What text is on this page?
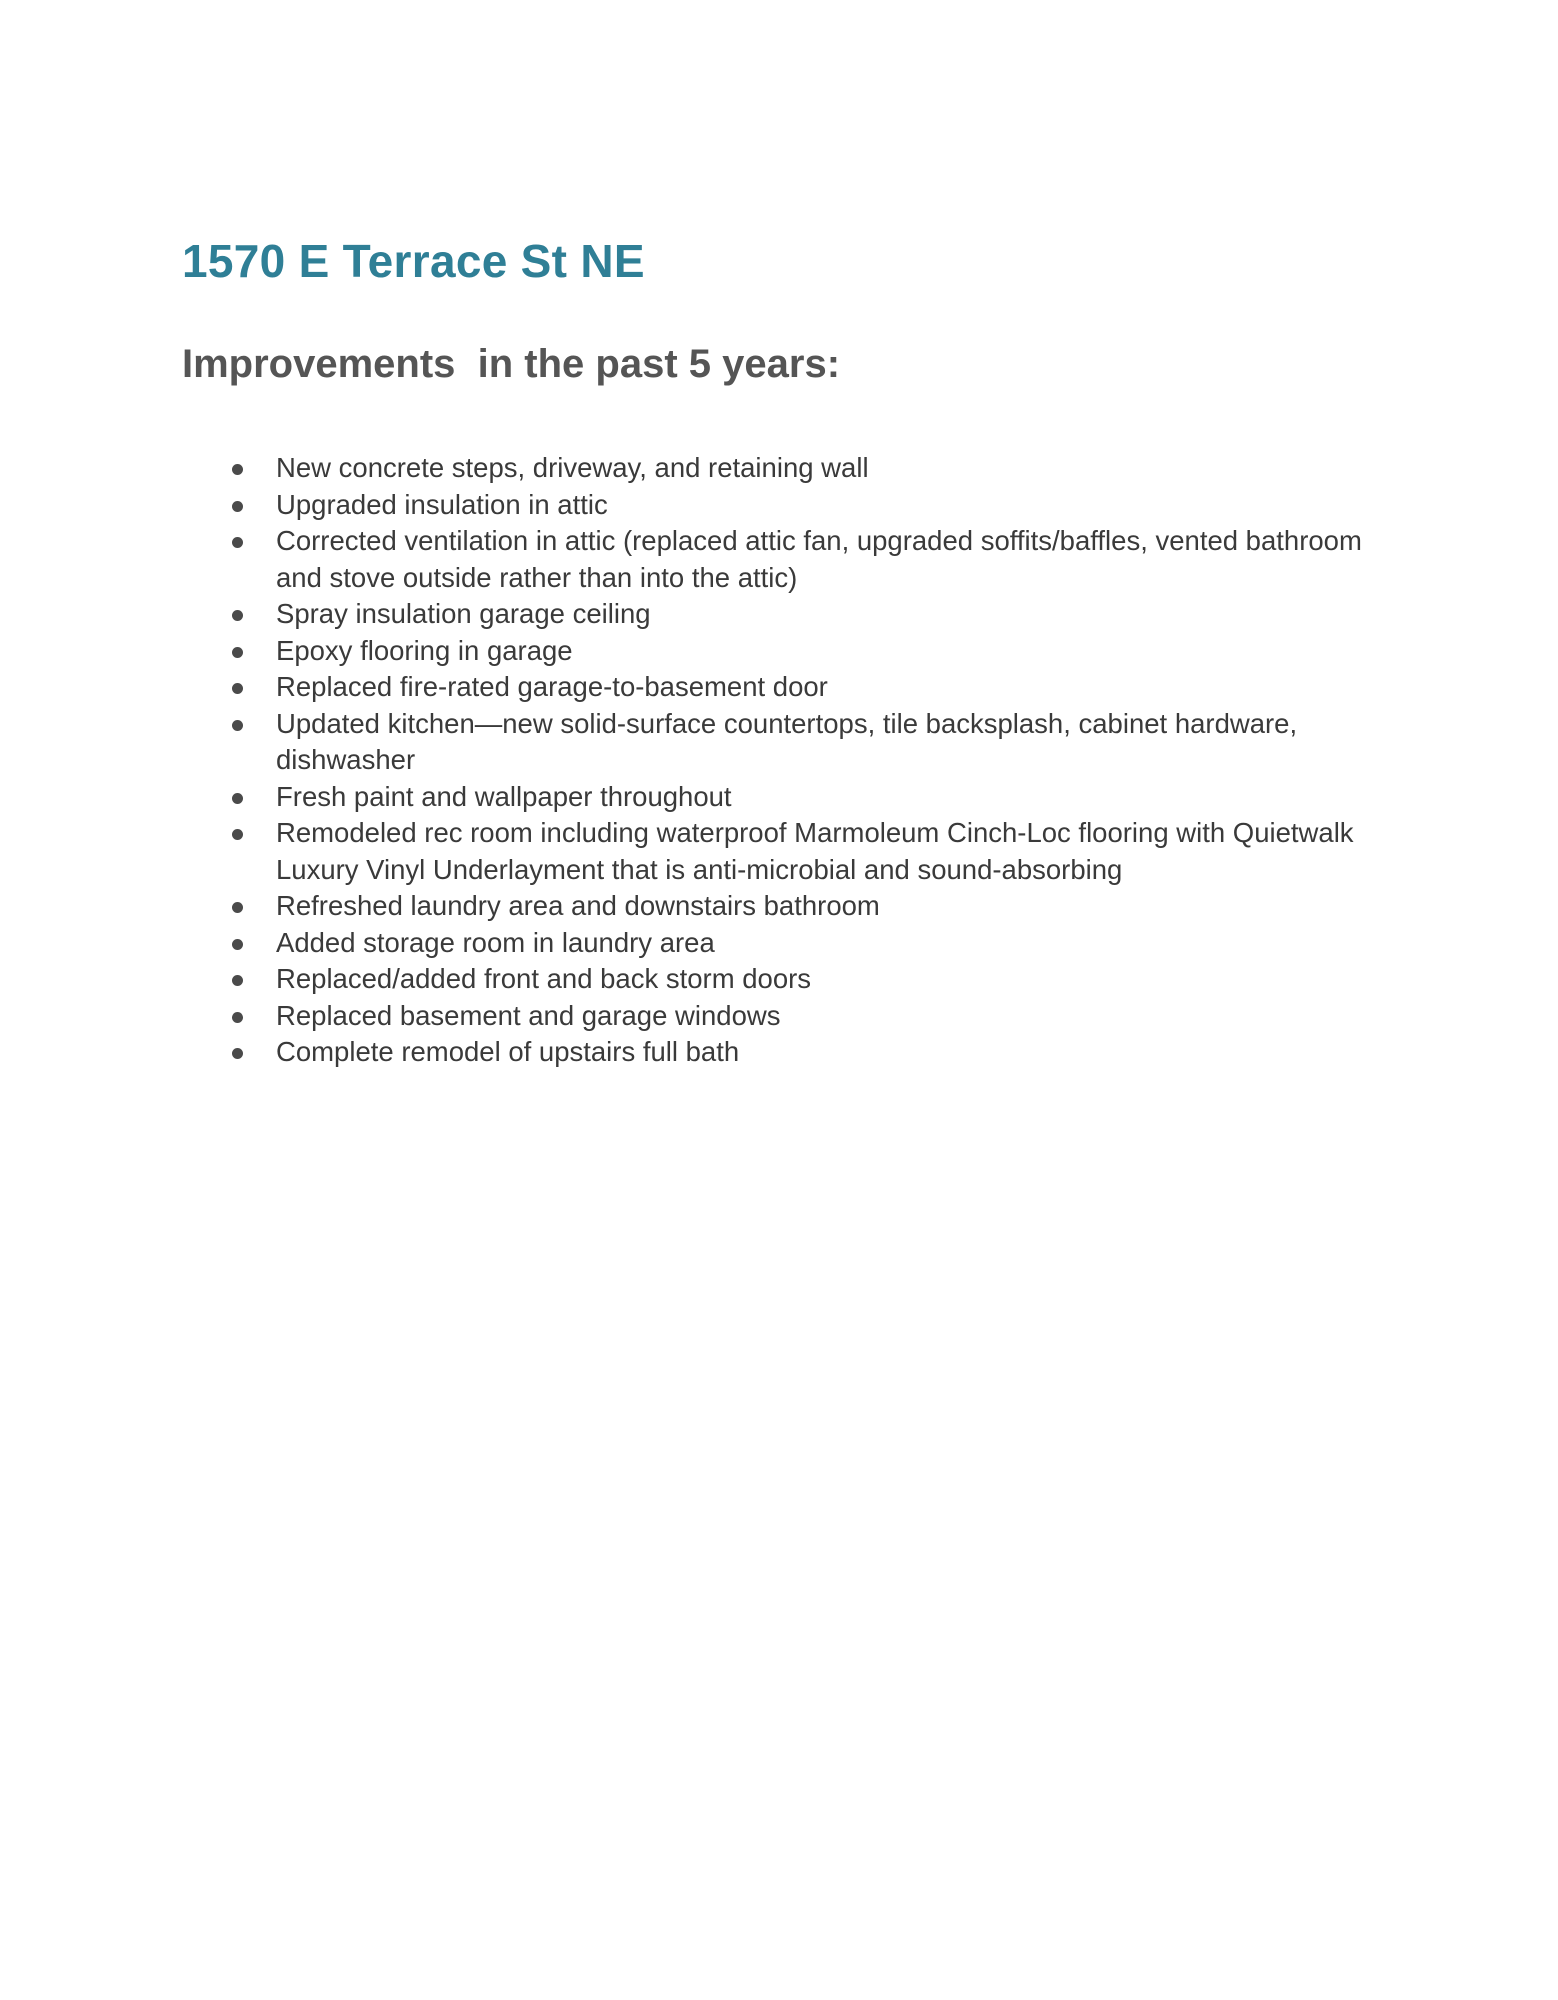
1570 E Terrace St NE
Improvements  in the past 5 years:
New concrete steps, driveway, and retaining wall
Upgraded insulation in attic
Corrected ventilation in attic (replaced attic fan, upgraded soffits/baffles, vented bathroom and stove outside rather than into the attic)
Spray insulation garage ceiling
Epoxy flooring in garage
Replaced fire-rated garage-to-basement door
Updated kitchen—new solid-surface countertops, tile backsplash, cabinet hardware, dishwasher
Fresh paint and wallpaper throughout
Remodeled rec room including waterproof Marmoleum Cinch-Loc flooring with Quietwalk Luxury Vinyl Underlayment that is anti-microbial and sound-absorbing
Refreshed laundry area and downstairs bathroom
Added storage room in laundry area
Replaced/added front and back storm doors
Replaced basement and garage windows
Complete remodel of upstairs full bath
